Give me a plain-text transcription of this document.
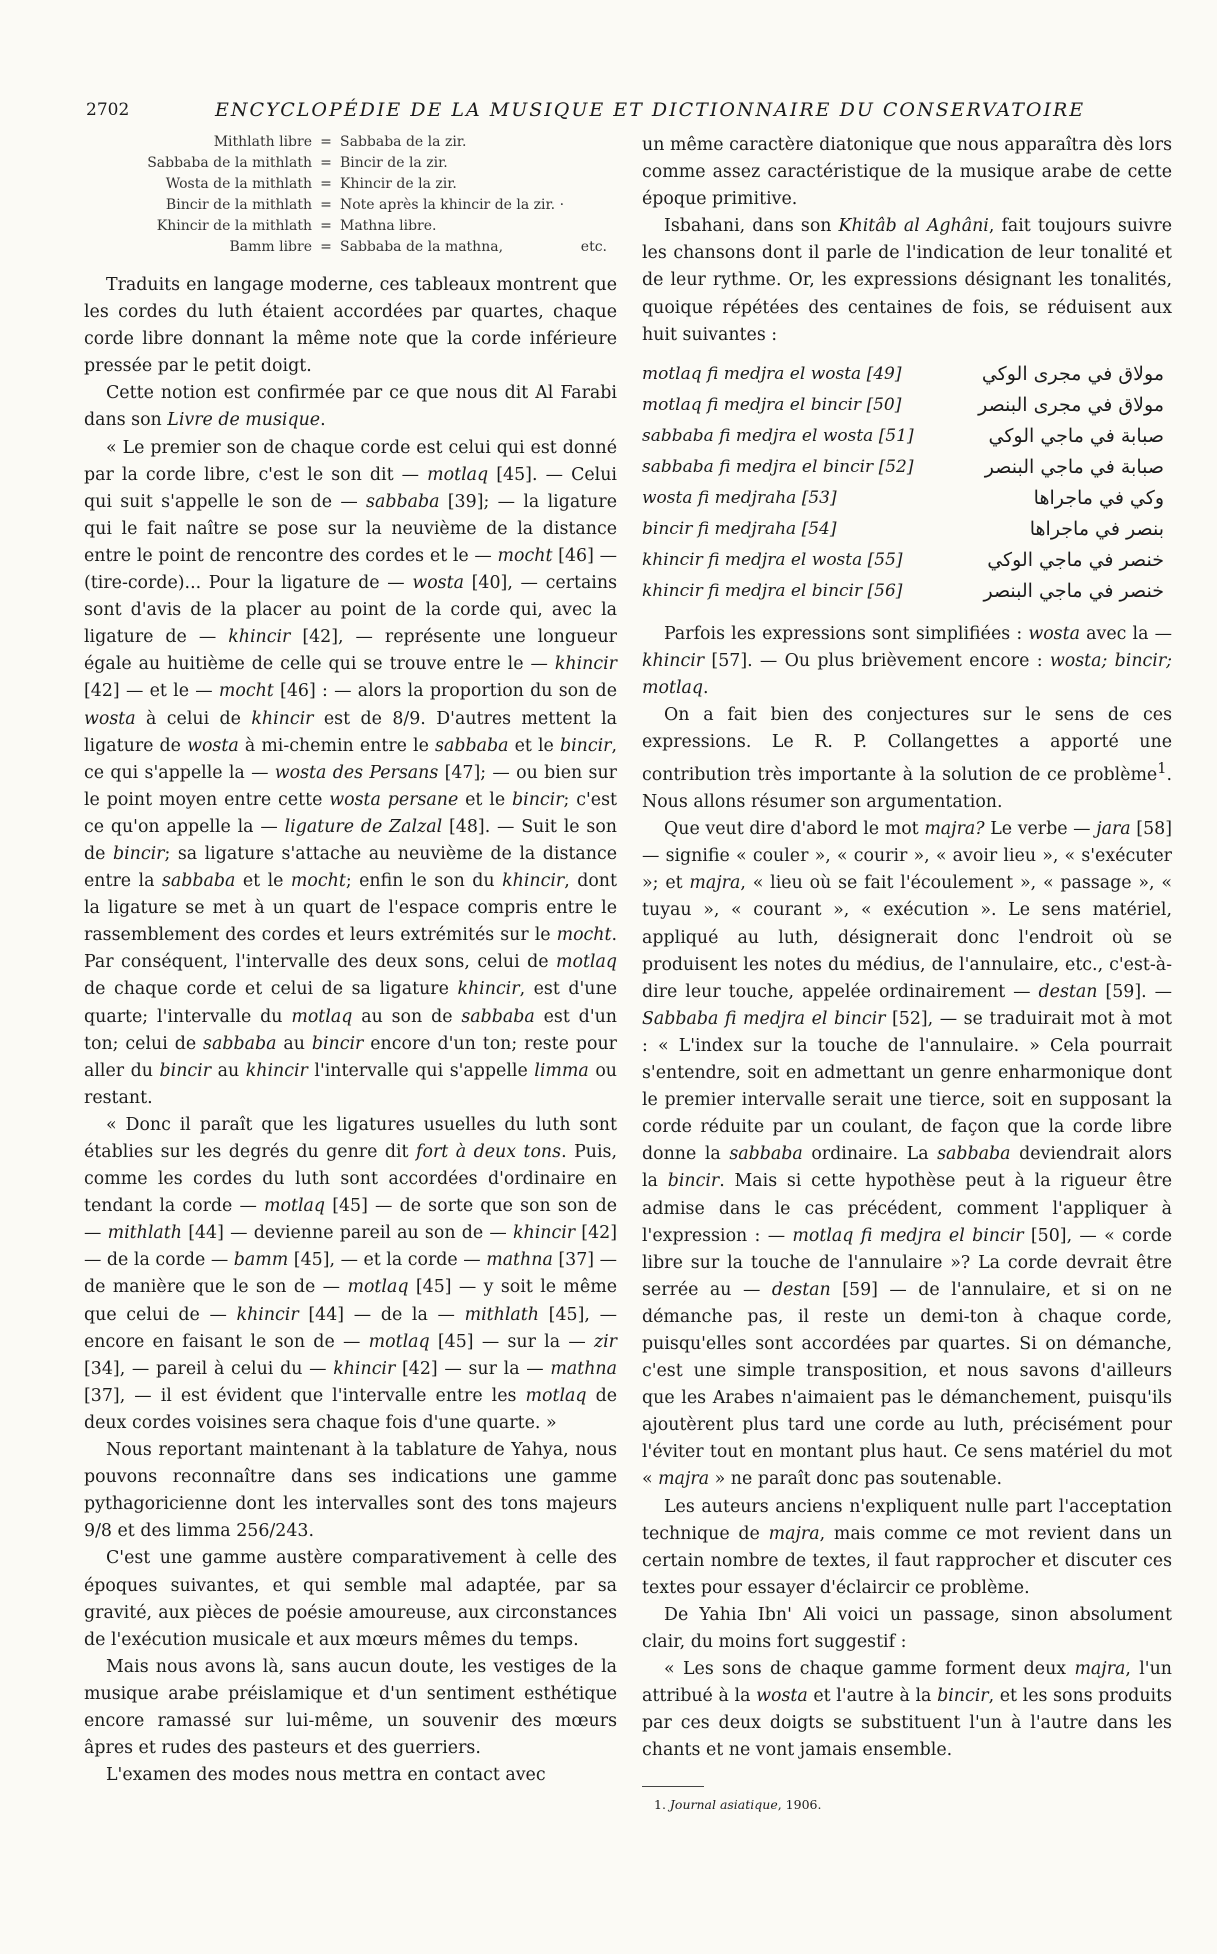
2702	ENCYCLOPÉDIE DE LA MUSIQUE ET DICTIONNAIRE DU CONSERVATOIRE
Mithlath libre = Sabbaba de la zir.
Sabbaba de la mithlath = Bincir de la zir.
Wosta de la mithlath = Khincir de la zir.
Bincir de la mithlath = Note après la khincir de la zir. ·
Khincir de la mithlath = Mathna libre.
Bamm libre = Sabbaba de la mathna,	etc.

Traduits en langage moderne, ces tableaux montrent que les cordes du luth étaient accordées par quartes, chaque corde libre donnant la même note que la corde inférieure pressée par le petit doigt.

Cette notion est confirmée par ce que nous dit Al Farabi dans son Livre de musique.

« Le premier son de chaque corde est celui qui est donné par la corde libre, c'est le son dit — motlaq [45]. — Celui qui suit s'appelle le son de — sabbaba [39]; — la ligature qui le fait naître se pose sur la neuvième de la distance entre le point de rencontre des cordes et le — mocht [46] — (tire-corde)... Pour la ligature de — wosta [40], — certains sont d'avis de la placer au point de la corde qui, avec la ligature de — khincir [42], — représente une longueur égale au huitième de celle qui se trouve entre le — khincir [42] — et le — mocht [46] : — alors la proportion du son de wosta à celui de khincir est de 8/9. D'autres mettent la ligature de wosta à mi-chemin entre le sabbaba et le bincir, ce qui s'appelle la — wosta des Persans [47]; — ou bien sur le point moyen entre cette wosta persane et le bincir; c'est ce qu'on appelle la — ligature de Zalzal [48]. — Suit le son de bincir; sa ligature s'attache au neuvième de la distance entre la sabbaba et le mocht; enfin le son du khincir, dont la ligature se met à un quart de l'espace compris entre le rassemblement des cordes et leurs extrémités sur le mocht. Par conséquent, l'intervalle des deux sons, celui de motlaq de chaque corde et celui de sa ligature khincir, est d'une quarte; l'intervalle du motlaq au son de sabbaba est d'un ton; celui de sabbaba au bincir encore d'un ton; reste pour aller du bincir au khincir l'intervalle qui s'appelle limma ou restant.

« Donc il paraît que les ligatures usuelles du luth sont établies sur les degrés du genre dit fort à deux tons. Puis, comme les cordes du luth sont accordées d'ordinaire en tendant la corde — motlaq [45] — de sorte que son son de — mithlath [44] — devienne pareil au son de — khincir [42] — de la corde — bamm [45], — et la corde — mathna [37] — de manière que le son de — motlaq [45] — y soit le même que celui de — khincir [44] — de la — mithlath [45], — encore en faisant le son de — motlaq [45] — sur la — zir [34], — pareil à celui du — khincir [42] — sur la — mathna [37], — il est évident que l'intervalle entre les motlaq de deux cordes voisines sera chaque fois d'une quarte. »

Nous reportant maintenant à la tablature de Yahya, nous pouvons reconnaître dans ses indications une gamme pythagoricienne dont les intervalles sont des tons majeurs 9/8 et des limma 256/243.

C'est une gamme austère comparativement à celle des époques suivantes, et qui semble mal adaptée, par sa gravité, aux pièces de poésie amoureuse, aux circonstances de l'exécution musicale et aux mœurs mêmes du temps.

Mais nous avons là, sans aucun doute, les vestiges de la musique arabe préislamique et d'un sentiment esthétique encore ramassé sur lui-même, un souvenir des mœurs âpres et rudes des pasteurs et des guerriers.

L'examen des modes nous mettra en contact avec

un même caractère diatonique que nous apparaîtra dès lors comme assez caractéristique de la musique arabe de cette époque primitive.

Isbahani, dans son Khitâb al Aghâni, fait toujours suivre les chansons dont il parle de l'indication de leur tonalité et de leur rythme. Or, les expressions désignant les tonalités, quoique répétées des centaines de fois, se réduisent aux huit suivantes :

motlaq fi medjra el wosta [49]	مولاق في مجرى الوكي
motlaq fi medjra el bincir [50]	مولاق في مجرى البنصر
sabbaba fi medjra el wosta [51]	صبابة في ماجي الوكي
sabbaba fi medjra el bincir [52]	صبابة في ماجي البنصر
wosta fi medjraha [53]	وكي في ماجراها
bincir fi medjraha [54]	بنصر في ماجراها
khincir fi medjra el wosta [55]	خنصر في ماجي الوكي
khincir fi medjra el bincir [56]	خنصر في ماجي البنصر

Parfois les expressions sont simplifiées : wosta avec la — khincir [57]. — Ou plus brièvement encore : wosta; bincir; motlaq.

On a fait bien des conjectures sur le sens de ces expressions. Le R. P. Collangettes a apporté une contribution très importante à la solution de ce problème$^1$. Nous allons résumer son argumentation.

Que veut dire d'abord le mot majra? Le verbe — jara [58] — signifie « couler », « courir », « avoir lieu », « s'exécuter »; et majra, « lieu où se fait l'écoulement », « passage », « tuyau », « courant », « exécution ». Le sens matériel, appliqué au luth, désignerait donc l'endroit où se produisent les notes du médius, de l'annulaire, etc., c'est-à-dire leur touche, appelée ordinairement — destan [59]. — Sabbaba fi medjra el bincir [52], — se traduirait mot à mot : « L'index sur la touche de l'annulaire. » Cela pourrait s'entendre, soit en admettant un genre enharmonique dont le premier intervalle serait une tierce, soit en supposant la corde réduite par un coulant, de façon que la corde libre donne la sabbaba ordinaire. La sabbaba deviendrait alors la bincir. Mais si cette hypothèse peut à la rigueur être admise dans le cas précédent, comment l'appliquer à l'expression : — motlaq fi medjra el bincir [50], — « corde libre sur la touche de l'annulaire »? La corde devrait être serrée au — destan [59] — de l'annulaire, et si on ne démanche pas, il reste un demi-ton à chaque corde, puisqu'elles sont accordées par quartes. Si on démanche, c'est une simple transposition, et nous savons d'ailleurs que les Arabes n'aimaient pas le démanchement, puisqu'ils ajoutèrent plus tard une corde au luth, précisément pour l'éviter tout en montant plus haut. Ce sens matériel du mot « majra » ne paraît donc pas soutenable.

Les auteurs anciens n'expliquent nulle part l'acceptation technique de majra, mais comme ce mot revient dans un certain nombre de textes, il faut rapprocher et discuter ces textes pour essayer d'éclaircir ce problème.

De Yahia Ibn' Ali voici un passage, sinon absolument clair, du moins fort suggestif :

« Les sons de chaque gamme forment deux majra, l'un attribué à la wosta et l'autre à la bincir, et les sons produits par ces deux doigts se substituent l'un à l'autre dans les chants et ne vont jamais ensemble.

1. Journal asiatique, 1906.
